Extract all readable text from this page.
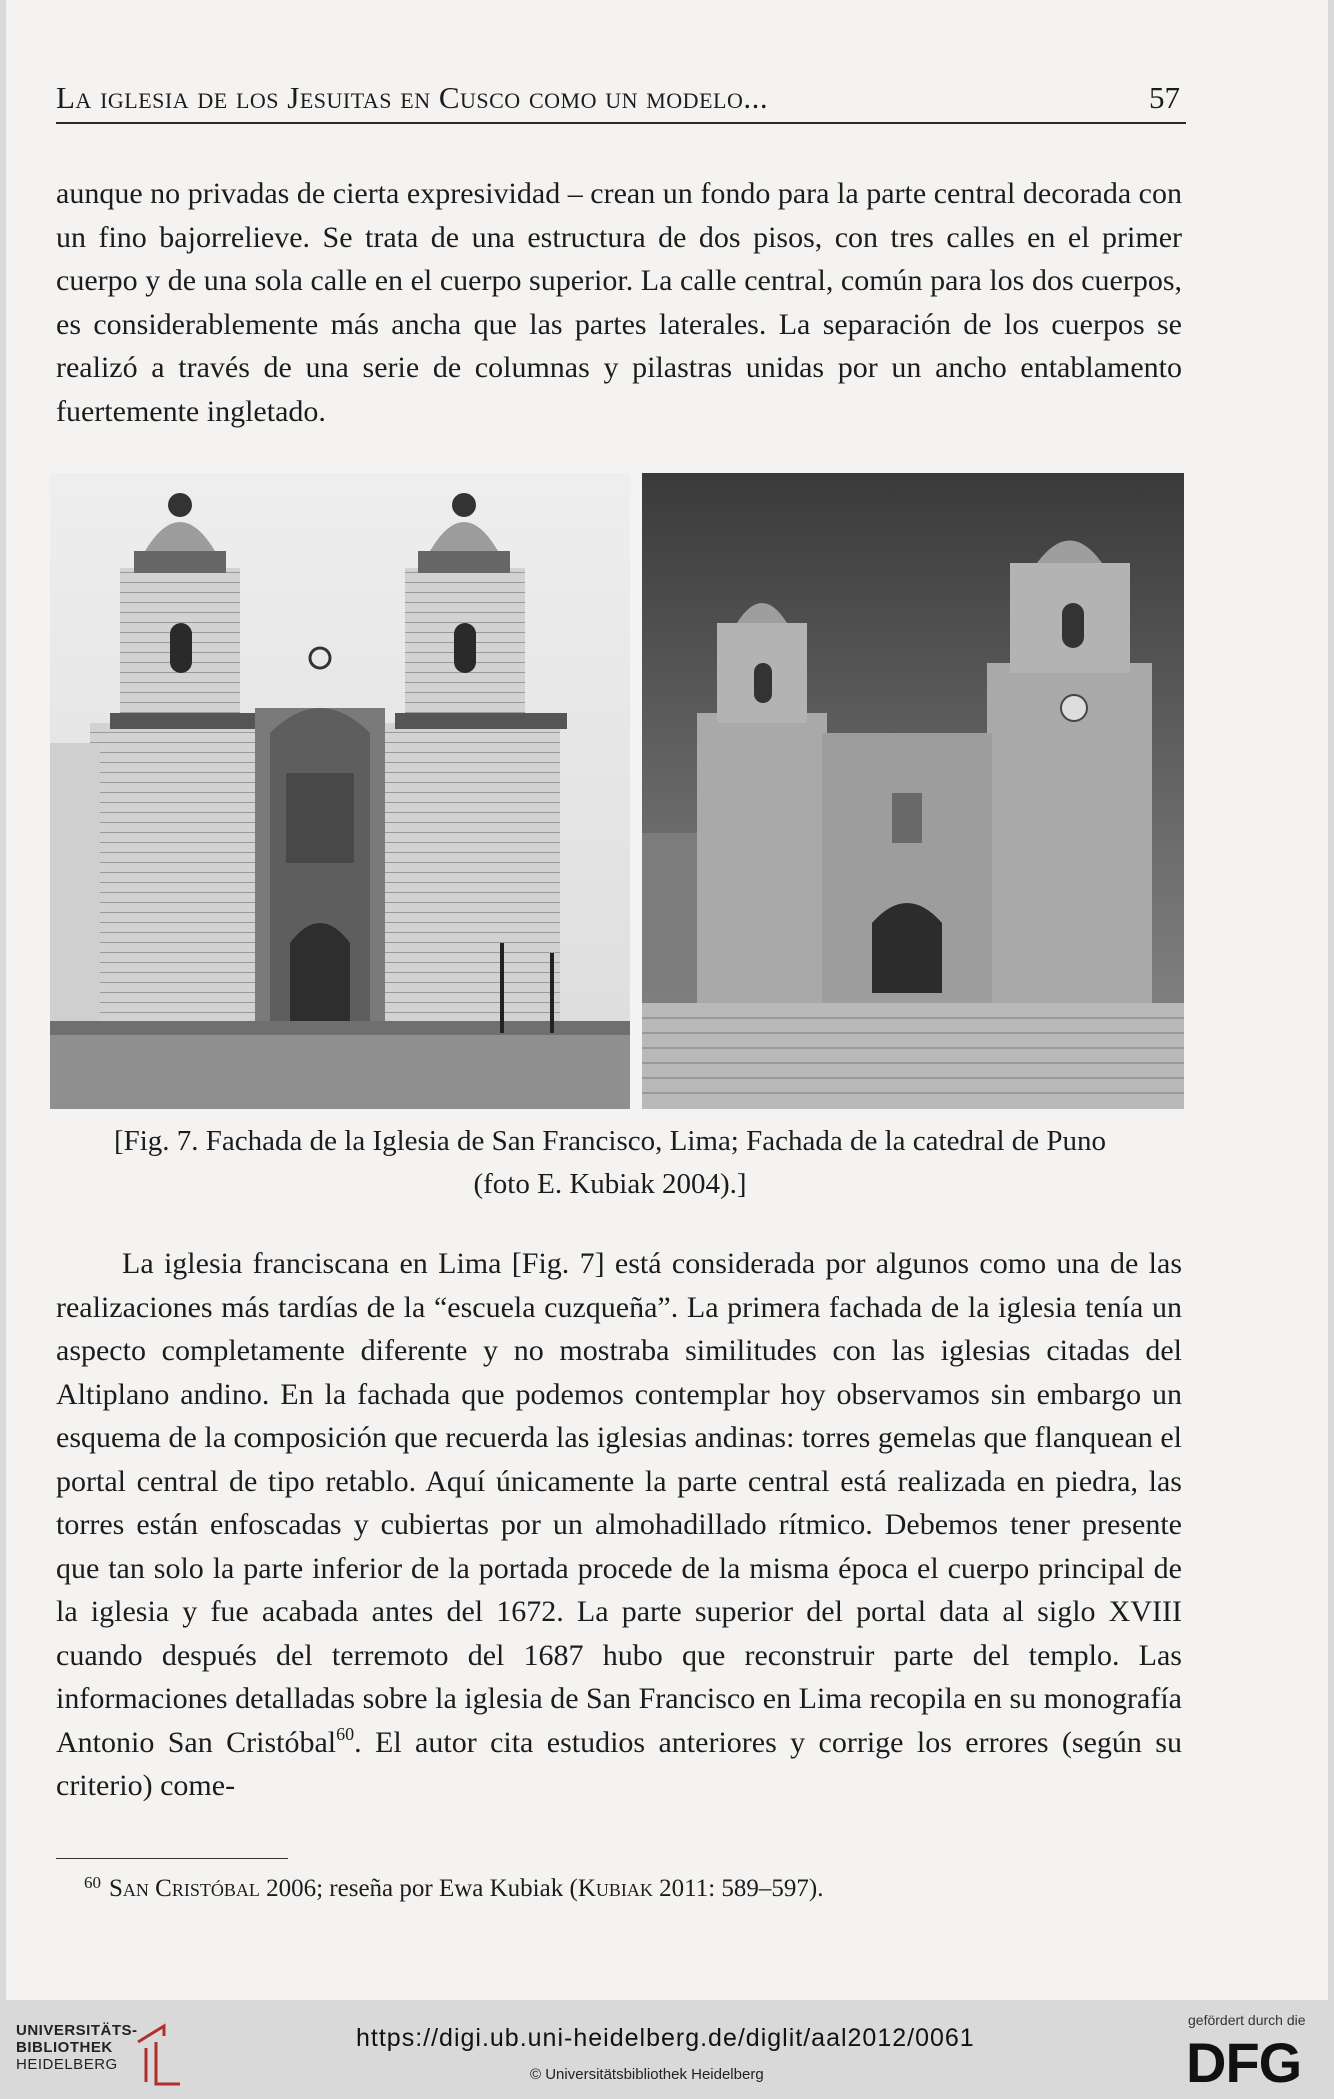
La iglesia de los Jesuitas en Cusco como un modelo...	57

aunque no privadas de cierta expresividad – crean un fondo para la parte central decorada con un fino bajorrelieve. Se trata de una estructura de dos pisos, con tres calles en el primer cuerpo y de una sola calle en el cuerpo superior. La calle central, común para los dos cuerpos, es considerablemente más ancha que las partes laterales. La separación de los cuerpos se realizó a través de una serie de columnas y pilastras unidas por un ancho entablamento fuertemente ingletado.

[Fig. 7. Fachada de la Iglesia de San Francisco, Lima; Fachada de la catedral de Puno
(foto E. Kubiak 2004).]

La iglesia franciscana en Lima [Fig. 7] está considerada por algunos como una de las realizaciones más tardías de la “escuela cuzqueña”. La primera fachada de la iglesia tenía un aspecto completamente diferente y no mostraba similitudes con las iglesias citadas del Altiplano andino. En la fachada que podemos contemplar hoy observamos sin embargo un esquema de la composición que recuerda las iglesias andinas: torres gemelas que flanquean el portal central de tipo retablo. Aquí únicamente la parte central está realizada en piedra, las torres están enfoscadas y cubiertas por un almohadillado rítmico. Debemos tener presente que tan solo la parte inferior de la portada procede de la misma época el cuerpo principal de la iglesia y fue acabada antes del 1672. La parte superior del portal data al siglo XVIII cuando después del terremoto del 1687 hubo que reconstruir parte del templo. Las informaciones detalladas sobre la iglesia de San Francisco en Lima recopila en su monografía Antonio San Cristóbal$^{60}$. El autor cita estudios anteriores y corrige los errores (según su criterio) come-

$^{60}$ San Cristóbal 2006; reseña por Ewa Kubiak (Kubiak 2011: 589–597).
UNIVERSITÄTS-
BIBLIOTHEK
HEIDELBERG
https://digi.ub.uni-heidelberg.de/diglit/aal2012/0061
© Universitätsbibliothek Heidelberg
gefördert durch die
DFG
